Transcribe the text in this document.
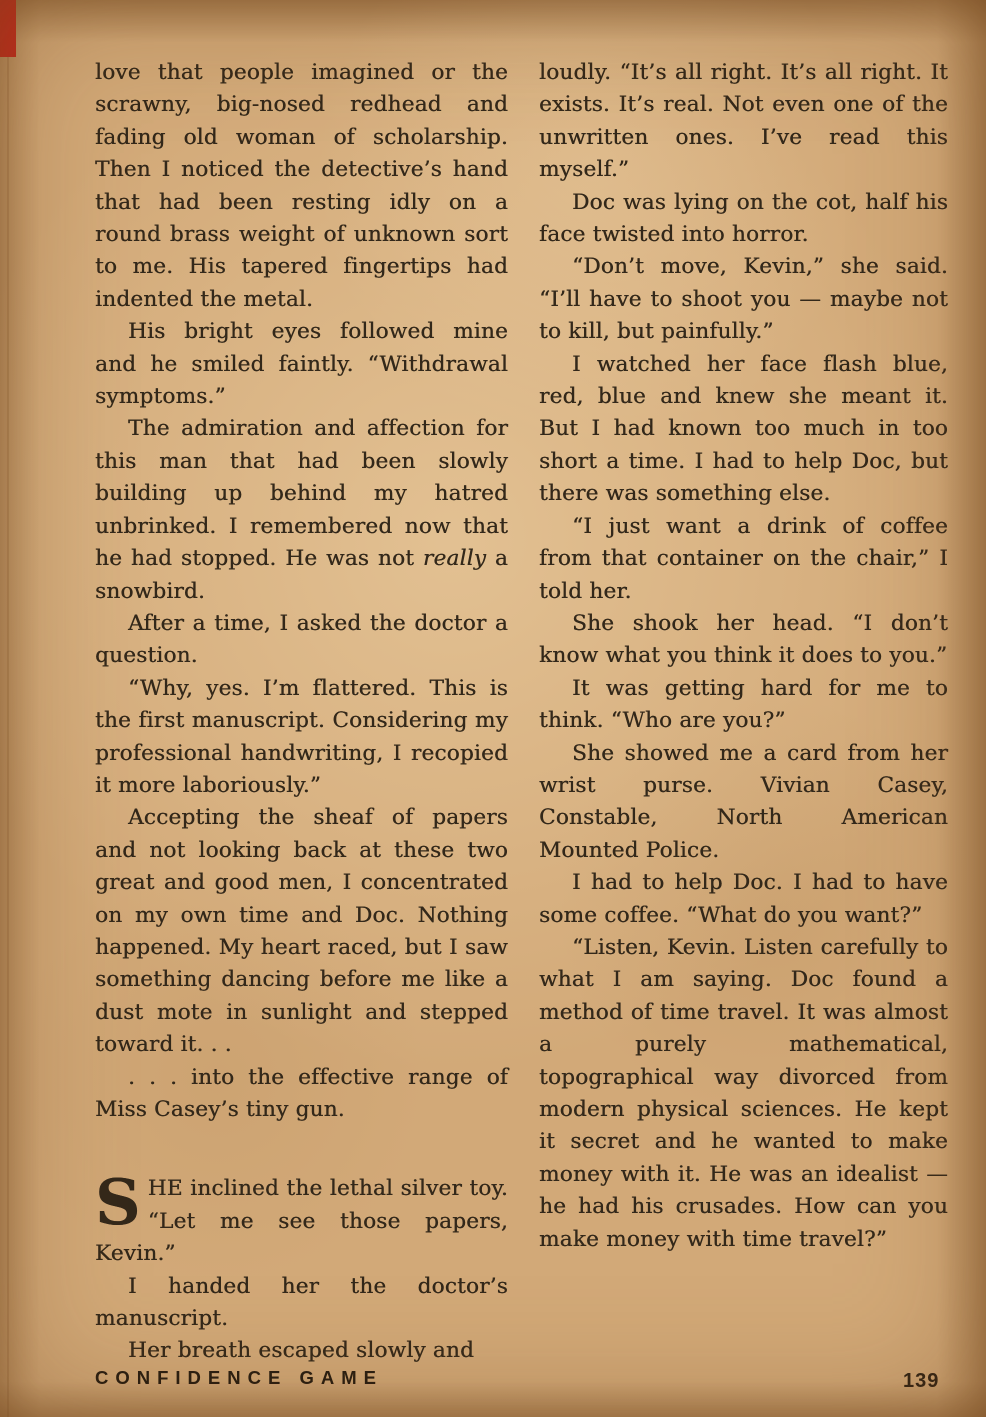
love that people imagined or the scrawny, big-nosed redhead and fading old woman of scholarship. Then I noticed the detective’s hand that had been resting idly on a round brass weight of unknown sort to me. His tapered fingertips had indented the metal.

His bright eyes followed mine and he smiled faintly. “Withdrawal symptoms.”

The admiration and affection for this man that had been slowly building up behind my hatred unbrinked. I remembered now that he had stopped. He was not really a snowbird.

After a time, I asked the doctor a question.

“Why, yes. I’m flattered. This is the first manuscript. Considering my professional handwriting, I recopied it more laboriously.”

Accepting the sheaf of papers and not looking back at these two great and good men, I concentrated on my own time and Doc. Nothing happened. My heart raced, but I saw something dancing before me like a dust mote in sunlight and stepped toward it. . .

. . . into the effective range of Miss Casey’s tiny gun.

SHE inclined the lethal silver toy. “Let me see those papers, Kevin.”

I handed her the doctor’s manuscript.

Her breath escaped slowly and

loudly. “It’s all right. It’s all right. It exists. It’s real. Not even one of the unwritten ones. I’ve read this myself.”

Doc was lying on the cot, half his face twisted into horror.

“Don’t move, Kevin,” she said. “I’ll have to shoot you — maybe not to kill, but painfully.”

I watched her face flash blue, red, blue and knew she meant it. But I had known too much in too short a time. I had to help Doc, but there was something else.

“I just want a drink of coffee from that container on the chair,” I told her.

She shook her head. “I don’t know what you think it does to you.”

It was getting hard for me to think. “Who are you?”

She showed me a card from her wrist purse. Vivian Casey, Constable, North American Mounted Police.

I had to help Doc. I had to have some coffee. “What do you want?”

“Listen, Kevin. Listen carefully to what I am saying. Doc found a method of time travel. It was almost a purely mathematical, topographical way divorced from modern physical sciences. He kept it secret and he wanted to make money with it. He was an idealist — he had his crusades. How can you make money with time travel?”

CONFIDENCE GAME	139
